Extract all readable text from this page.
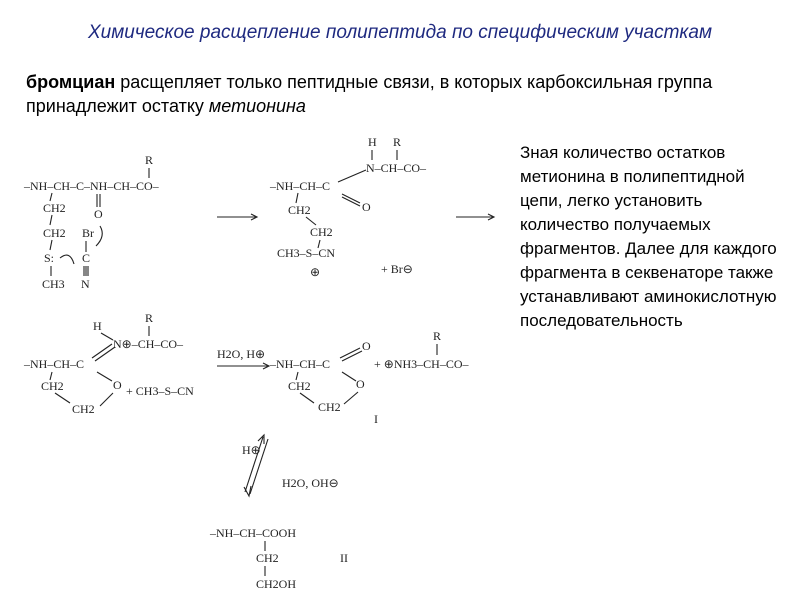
Химическое расщепление полипептида по специфическим участкам
бромциан расщепляет только пептидные связи, в которых карбоксильная группа принадлежит остатку метионина
Зная количество остатков метионина в полипептидной цепи, легко установить количество получаемых фрагментов. Далее для каждого фрагмента в секвенаторе также устанавливают аминокислотную последовательность
–NH–CH–C–NH–CH–CO–
R
O
CH2
CH2
S:
CH3
Br
C
N
H R
N–CH–CO–
–NH–CH–C
O
CH2
CH2
CH3–S–CN
⊕	+ Br⊖
H
R
N⊕–CH–CO–
–NH–CH–C
CH2	O
CH2
+ CH3–S–CN
H2O, H⊕
O
–NH–CH–C
CH2	O
CH2
R
+ ⊕NH3–CH–CO–
I
H⊕
H2O, OH⊖
–NH–CH–COOH
CH2
CH2OH
II
